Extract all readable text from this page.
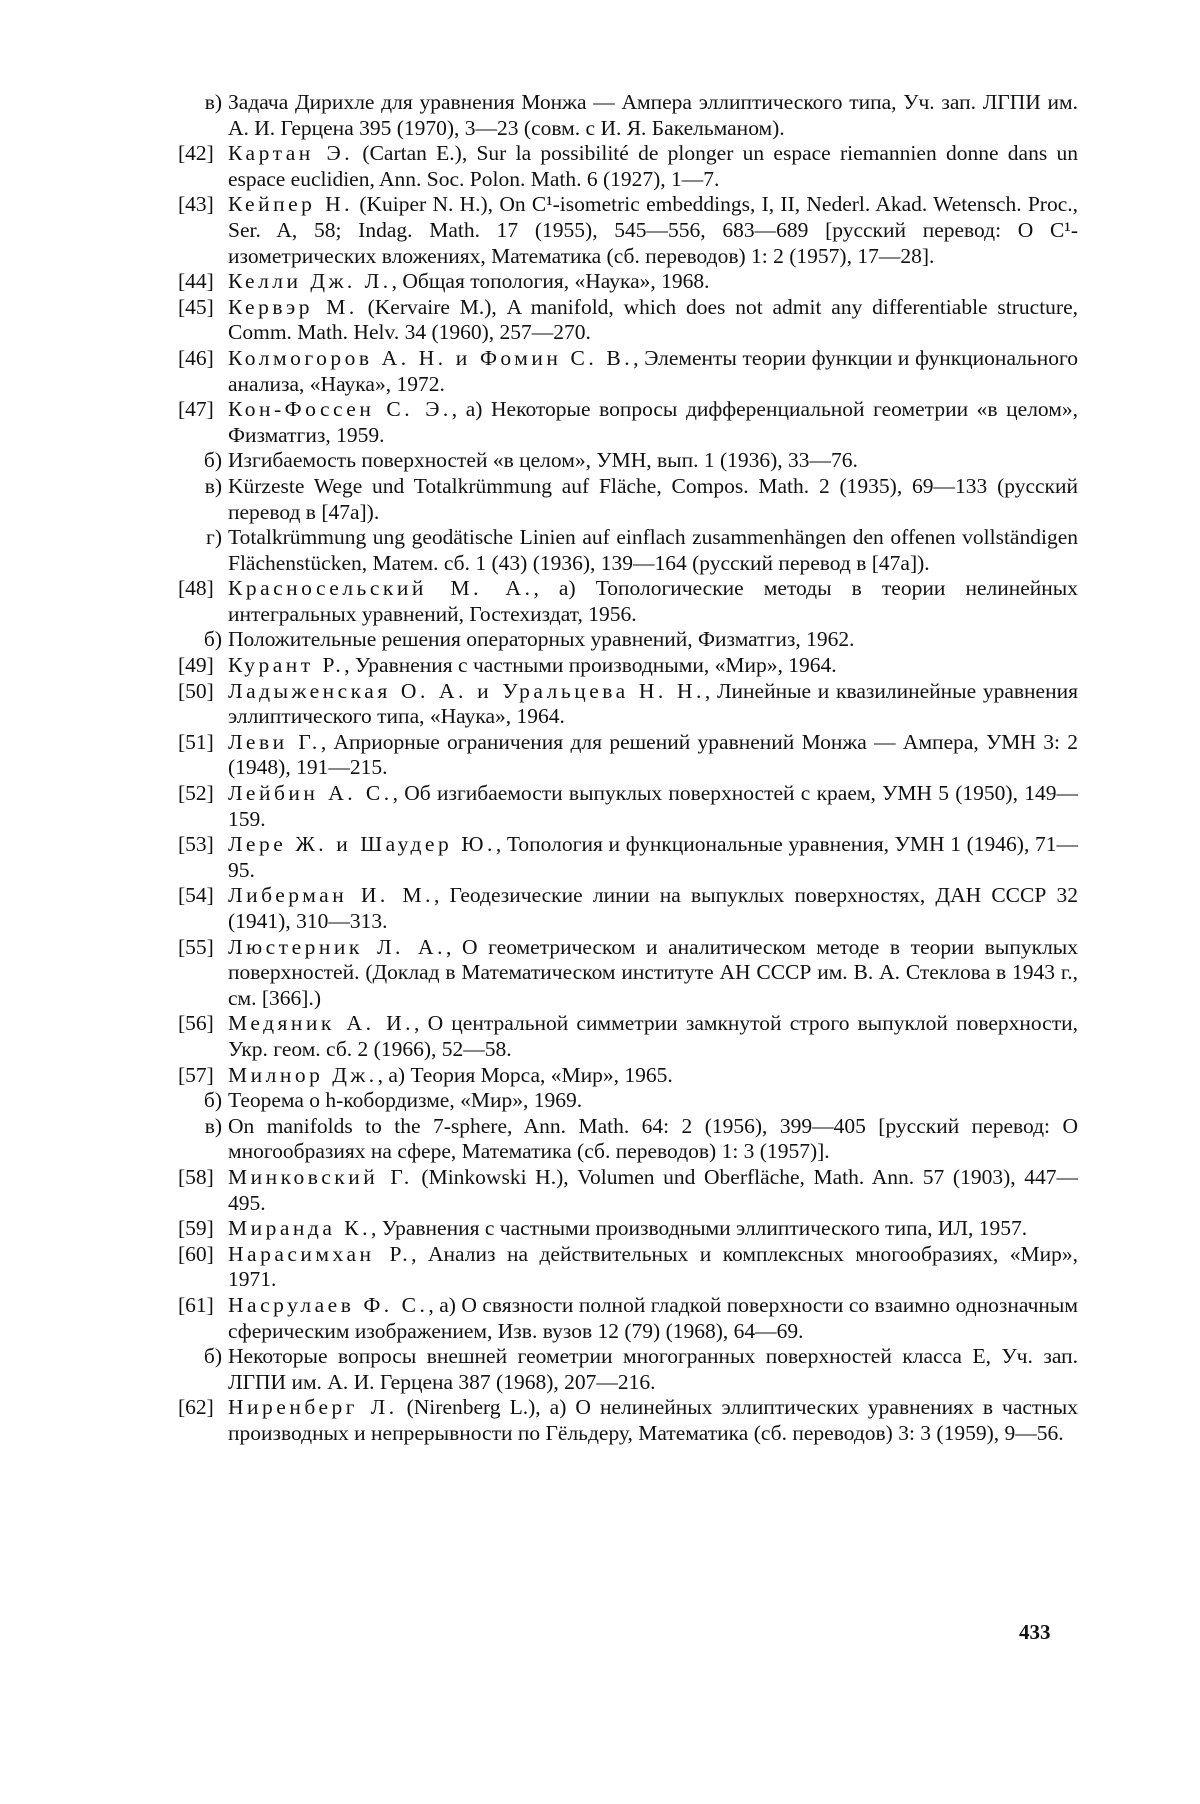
в) Задача Дирихле для уравнения Монжа — Ампера эллиптического типа, Уч. зап. ЛГПИ им. А. И. Герцена 395 (1970), 3—23 (совм. с И. Я. Бакельманом).
[42] Картан Э. (Cartan E.), Sur la possibilité de plonger un espace riemannien donne dans un espace euclidien, Ann. Soc. Polon. Math. 6 (1927), 1—7.
[43] Кейпер Н. (Kuiper N. H.), On C¹-isometric embeddings, I, II, Nederl. Akad. Wetensch. Proc., Ser. A, 58; Indag. Math. 17 (1955), 545—556, 683—689 [русский перевод: О C¹-изометрических вложениях, Математика (сб. переводов) 1: 2 (1957), 17—28].
[44] Келли Дж. Л., Общая топология, «Наука», 1968.
[45] Кервэр М. (Kervaire M.), A manifold, which does not admit any differentiable structure, Comm. Math. Helv. 34 (1960), 257—270.
[46] Колмогоров А. Н. и Фомин С. В., Элементы теории функции и функционального анализа, «Наука», 1972.
[47] Кон-Фоссен С. Э., а) Некоторые вопросы дифференциальной геометрии «в целом», Физматгиз, 1959.
б) Изгибаемость поверхностей «в целом», УМН, вып. 1 (1936), 33—76.
в) Kürzeste Wege und Totalkrümmung auf Fläche, Compos. Math. 2 (1935), 69—133 (русский перевод в [47а]).
г) Totalkrümmung ung geodätische Linien auf einflach zusammenhängen den offenen vollständigen Flächenstücken, Матем. сб. 1 (43) (1936), 139—164 (русский перевод в [47а]).
[48] Красносельский М. А., а) Топологические методы в теории нелинейных интегральных уравнений, Гостехиздат, 1956.
б) Положительные решения операторных уравнений, Физматгиз, 1962.
[49] Курант Р., Уравнения с частными производными, «Мир», 1964.
[50] Ладыженская О. А. и Уральцева Н. Н., Линейные и квазилинейные уравнения эллиптического типа, «Наука», 1964.
[51] Леви Г., Априорные ограничения для решений уравнений Монжа — Ампера, УМН 3: 2 (1948), 191—215.
[52] Лейбин А. С., Об изгибаемости выпуклых поверхностей с краем, УМН 5 (1950), 149—159.
[53] Лере Ж. и Шаудер Ю., Топология и функциональные уравнения, УМН 1 (1946), 71—95.
[54] Либерман И. М., Геодезические линии на выпуклых поверхностях, ДАН СССР 32 (1941), 310—313.
[55] Люстерник Л. А., О геометрическом и аналитическом методе в теории выпуклых поверхностей. (Доклад в Математическом институте АН СССР им. В. А. Стеклова в 1943 г., см. [366].)
[56] Медяник А. И., О центральной симметрии замкнутой строго выпуклой поверхности, Укр. геом. сб. 2 (1966), 52—58.
[57] Милнор Дж., а) Теория Морса, «Мир», 1965.
б) Теорема о h-кобордизме, «Мир», 1969.
в) On manifolds to the 7-sphere, Ann. Math. 64: 2 (1956), 399—405 [русский перевод: О многообразиях на сфере, Математика (сб. переводов) 1: 3 (1957)].
[58] Минковский Г. (Minkowski H.), Volumen und Oberfläche, Math. Ann. 57 (1903), 447—495.
[59] Миранда К., Уравнения с частными производными эллиптического типа, ИЛ, 1957.
[60] Нарасимхан Р., Анализ на действительных и комплексных многообразиях, «Мир», 1971.
[61] Насрулаев Ф. С., а) О связности полной гладкой поверхности со взаимно однозначным сферическим изображением, Изв. вузов 12 (79) (1968), 64—69.
б) Некоторые вопросы внешней геометрии многогранных поверхностей класса E, Уч. зап. ЛГПИ им. А. И. Герцена 387 (1968), 207—216.
[62] Ниренберг Л. (Nirenberg L.), а) О нелинейных эллиптических уравнениях в частных производных и непрерывности по Гёльдеру, Математика (сб. переводов) 3: 3 (1959), 9—56.
433
